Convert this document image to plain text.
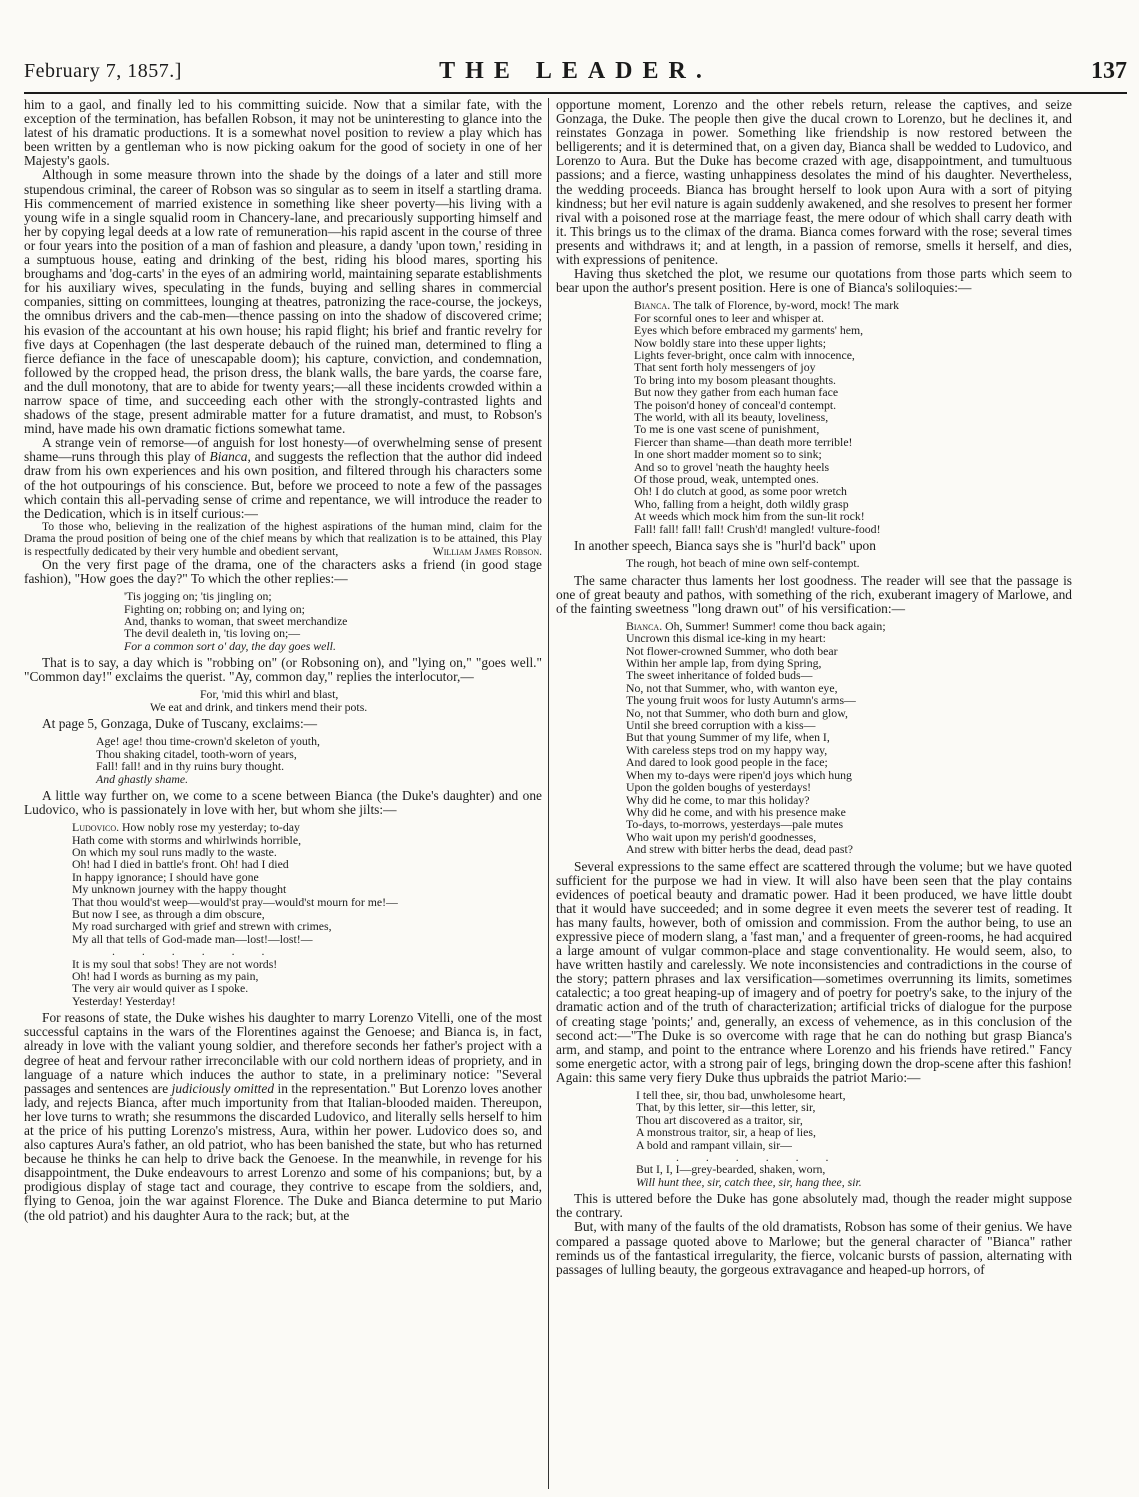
February 7, 1857.]	THE LEADER.	137

him to a gaol, and finally led to his committing suicide. Now that a similar fate, with the exception of the termination, has befallen Robson, it may not be uninteresting to glance into the latest of his dramatic productions. It is a somewhat novel position to review a play which has been written by a gentleman who is now picking oakum for the good of society in one of her Majesty's gaols.

Although in some measure thrown into the shade by the doings of a later and still more stupendous criminal, the career of Robson was so singular as to seem in itself a startling drama. His commencement of married existence in something like sheer poverty—his living with a young wife in a single squalid room in Chancery-lane, and precariously supporting himself and her by copying legal deeds at a low rate of remuneration—his rapid ascent in the course of three or four years into the position of a man of fashion and pleasure, a dandy 'upon town,' residing in a sumptuous house, eating and drinking of the best, riding his blood mares, sporting his broughams and 'dog-carts' in the eyes of an admiring world, maintaining separate establishments for his auxiliary wives, speculating in the funds, buying and selling shares in commercial companies, sitting on committees, lounging at theatres, patronizing the race-course, the jockeys, the omnibus drivers and the cab-men—thence passing on into the shadow of discovered crime; his evasion of the accountant at his own house; his rapid flight; his brief and frantic revelry for five days at Copenhagen (the last desperate debauch of the ruined man, determined to fling a fierce defiance in the face of unescapable doom); his capture, conviction, and condemnation, followed by the cropped head, the prison dress, the blank walls, the bare yards, the coarse fare, and the dull monotony, that are to abide for twenty years;—all these incidents crowded within a narrow space of time, and succeeding each other with the strongly-contrasted lights and shadows of the stage, present admirable matter for a future dramatist, and must, to Robson's mind, have made his own dramatic fictions somewhat tame.

A strange vein of remorse—of anguish for lost honesty—of overwhelming sense of present shame—runs through this play of Bianca, and suggests the reflection that the author did indeed draw from his own experiences and his own position, and filtered through his characters some of the hot outpourings of his conscience. But, before we proceed to note a few of the passages which contain this all-pervading sense of crime and repentance, we will introduce the reader to the Dedication, which is in itself curious:—

To those who, believing in the realization of the highest aspirations of the human mind, claim for the Drama the proud position of being one of the chief means by which that realization is to be attained, this Play is respectfully dedicated by their very humble and obedient servant,	William James Robson.

On the very first page of the drama, one of the characters asks a friend (in good stage fashion), "How goes the day?" To which the other replies:—

'Tis jogging on; 'tis jingling on;
Fighting on; robbing on; and lying on;
And, thanks to woman, that sweet merchandize
The devil dealeth in, 'tis loving on;—
For a common sort o' day, the day goes well.

That is to say, a day which is "robbing on" (or Robsoning on), and "lying on," "goes well." "Common day!" exclaims the querist. "Ay, common day," replies the interlocutor,—

For, 'mid this whirl and blast,
We eat and drink, and tinkers mend their pots.

At page 5, Gonzaga, Duke of Tuscany, exclaims:—

Age! age! thou time-crown'd skeleton of youth,
Thou shaking citadel, tooth-worn of years,
Fall! fall! and in thy ruins bury thought.
And ghastly shame.

A little way further on, we come to a scene between Bianca (the Duke's daughter) and one Ludovico, who is passionately in love with her, but whom she jilts:—

Ludovico. How nobly rose my yesterday; to-day
Hath come with storms and whirlwinds horrible,
On which my soul runs madly to the waste.
Oh! had I died in battle's front. Oh! had I died
In happy ignorance; I should have gone
My unknown journey with the happy thought
That thou would'st weep—would'st pray—would'st mourn for me!—
But now I see, as through a dim obscure,
My road surcharged with grief and strewn with crimes,
My all that tells of God-made man—lost!—lost!—
. . . . . .
It is my soul that sobs! They are not words!
Oh! had I words as burning as my pain,
The very air would quiver as I spoke.
Yesterday! Yesterday!

For reasons of state, the Duke wishes his daughter to marry Lorenzo Vitelli, one of the most successful captains in the wars of the Florentines against the Genoese; and Bianca is, in fact, already in love with the valiant young soldier, and therefore seconds her father's project with a degree of heat and fervour rather irreconcilable with our cold northern ideas of propriety, and in language of a nature which induces the author to state, in a preliminary notice: "Several passages and sentences are judiciously omitted in the representation." But Lorenzo loves another lady, and rejects Bianca, after much importunity from that Italian-blooded maiden. Thereupon, her love turns to wrath; she resummons the discarded Ludovico, and literally sells herself to him at the price of his putting Lorenzo's mistress, Aura, within her power. Ludovico does so, and also captures Aura's father, an old patriot, who has been banished the state, but who has returned because he thinks he can help to drive back the Genoese. In the meanwhile, in revenge for his disappointment, the Duke endeavours to arrest Lorenzo and some of his companions; but, by a prodigious display of stage tact and courage, they contrive to escape from the soldiers, and, flying to Genoa, join the war against Florence. The Duke and Bianca determine to put Mario (the old patriot) and his daughter Aura to the rack; but, at the

opportune moment, Lorenzo and the other rebels return, release the captives, and seize Gonzaga, the Duke. The people then give the ducal crown to Lorenzo, but he declines it, and reinstates Gonzaga in power. Something like friendship is now restored between the belligerents; and it is determined that, on a given day, Bianca shall be wedded to Ludovico, and Lorenzo to Aura. But the Duke has become crazed with age, disappointment, and tumultuous passions; and a fierce, wasting unhappiness desolates the mind of his daughter. Nevertheless, the wedding proceeds. Bianca has brought herself to look upon Aura with a sort of pitying kindness; but her evil nature is again suddenly awakened, and she resolves to present her former rival with a poisoned rose at the marriage feast, the mere odour of which shall carry death with it. This brings us to the climax of the drama. Bianca comes forward with the rose; several times presents and withdraws it; and at length, in a passion of remorse, smells it herself, and dies, with expressions of penitence.

Having thus sketched the plot, we resume our quotations from those parts which seem to bear upon the author's present position. Here is one of Bianca's soliloquies:—

Bianca. The talk of Florence, by-word, mock! The mark
For scornful ones to leer and whisper at.
Eyes which before embraced my garments' hem,
Now boldly stare into these upper lights;
Lights fever-bright, once calm with innocence,
That sent forth holy messengers of joy
To bring into my bosom pleasant thoughts.
But now they gather from each human face
The poison'd honey of conceal'd contempt.
The world, with all its beauty, loveliness,
To me is one vast scene of punishment,
Fiercer than shame—than death more terrible!
In one short madder moment so to sink;
And so to grovel 'neath the haughty heels
Of those proud, weak, untempted ones.
Oh! I do clutch at good, as some poor wretch
Who, falling from a height, doth wildly grasp
At weeds which mock him from the sun-lit rock!
Fall! fall! fall! fall! Crush'd! mangled! vulture-food!

In another speech, Bianca says she is "hurl'd back" upon

The rough, hot beach of mine own self-contempt.

The same character thus laments her lost goodness. The reader will see that the passage is one of great beauty and pathos, with something of the rich, exuberant imagery of Marlowe, and of the fainting sweetness "long drawn out" of his versification:—

Bianca. Oh, Summer! Summer! come thou back again;
Uncrown this dismal ice-king in my heart:
Not flower-crowned Summer, who doth bear
Within her ample lap, from dying Spring,
The sweet inheritance of folded buds—
No, not that Summer, who, with wanton eye,
The young fruit woos for lusty Autumn's arms—
No, not that Summer, who doth burn and glow,
Until she breed corruption with a kiss—
But that young Summer of my life, when I,
With careless steps trod on my happy way,
And dared to look good people in the face;
When my to-days were ripen'd joys which hung
Upon the golden boughs of yesterdays!
Why did he come, to mar this holiday?
Why did he come, and with his presence make
To-days, to-morrows, yesterdays—pale mutes
Who wait upon my perish'd goodnesses,
And strew with bitter herbs the dead, dead past?

Several expressions to the same effect are scattered through the volume; but we have quoted sufficient for the purpose we had in view. It will also have been seen that the play contains evidences of poetical beauty and dramatic power. Had it been produced, we have little doubt that it would have succeeded; and in some degree it even meets the severer test of reading. It has many faults, however, both of omission and commission. From the author being, to use an expressive piece of modern slang, a 'fast man,' and a frequenter of green-rooms, he had acquired a large amount of vulgar common-place and stage conventionality. He would seem, also, to have written hastily and carelessly. We note inconsistencies and contradictions in the course of the story; pattern phrases and lax versification—sometimes overrunning its limits, sometimes catalectic; a too great heaping-up of imagery and of poetry for poetry's sake, to the injury of the dramatic action and of the truth of characterization; artificial tricks of dialogue for the purpose of creating stage 'points;' and, generally, an excess of vehemence, as in this conclusion of the second act:—"The Duke is so overcome with rage that he can do nothing but grasp Bianca's arm, and stamp, and point to the entrance where Lorenzo and his friends have retired." Fancy some energetic actor, with a strong pair of legs, bringing down the drop-scene after this fashion! Again: this same very fiery Duke thus upbraids the patriot Mario:—

I tell thee, sir, thou bad, unwholesome heart,
That, by this letter, sir—this letter, sir,
Thou art discovered as a traitor, sir,
A monstrous traitor, sir, a heap of lies,
A bold and rampant villain, sir—
. . . . . .
But I, I, I—grey-bearded, shaken, worn,
Will hunt thee, sir, catch thee, sir, hang thee, sir.

This is uttered before the Duke has gone absolutely mad, though the reader might suppose the contrary.

But, with many of the faults of the old dramatists, Robson has some of their genius. We have compared a passage quoted above to Marlowe; but the general character of "Bianca" rather reminds us of the fantastical irregularity, the fierce, volcanic bursts of passion, alternating with passages of lulling beauty, the gorgeous extravagance and heaped-up horrors, of
